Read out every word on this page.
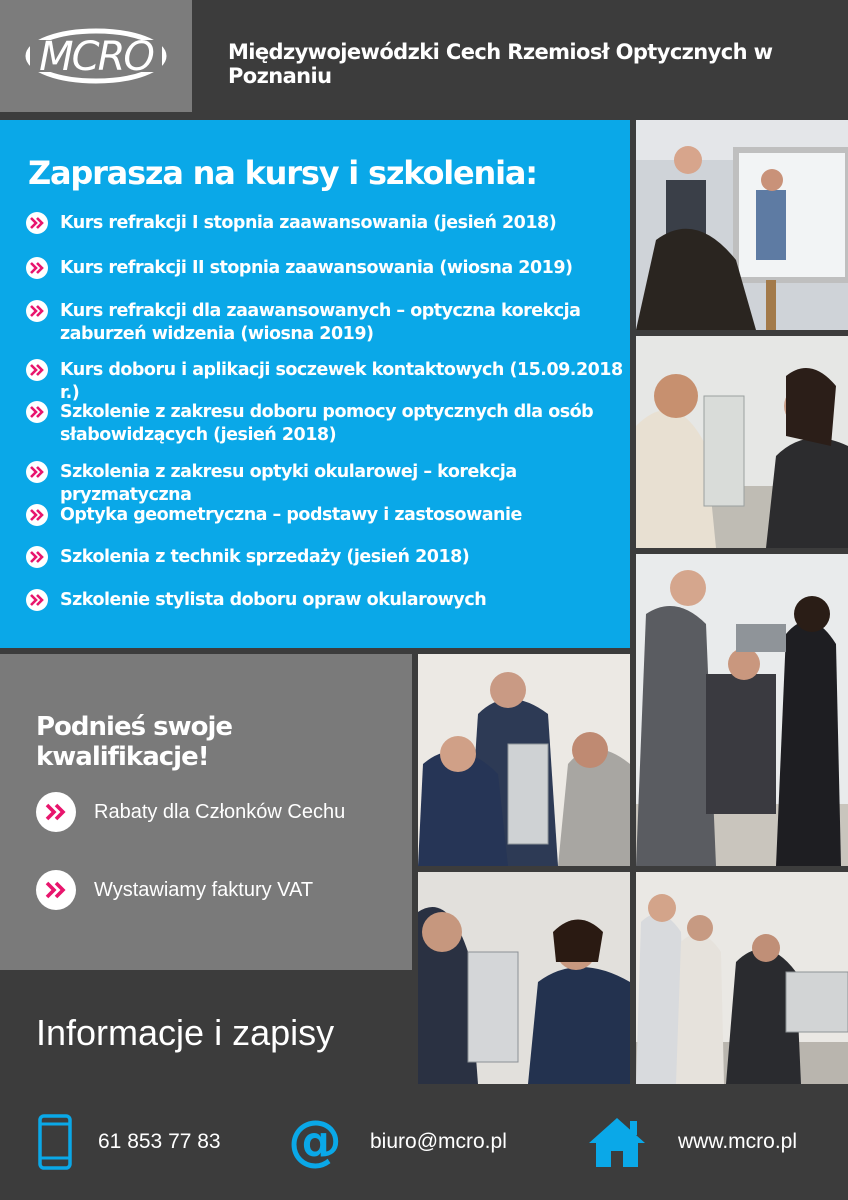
MCRO	Międzywojewódzki Cech Rzemiosł Optycznych w Poznaniu
Zaprasza na kursy i szkolenia:
Kurs refrakcji I stopnia zaawansowania (jesień 2018)
Kurs refrakcji II stopnia zaawansowania (wiosna 2019)
Kurs refrakcji dla zaawansowanych – optyczna korekcja zaburzeń widzenia (wiosna 2019)
Kurs doboru i aplikacji soczewek kontaktowych (15.09.2018 r.)
Szkolenie z zakresu doboru pomocy optycznych dla osób słabowidzących (jesień 2018)
Szkolenia z zakresu optyki okularowej – korekcja pryzmatyczna
Optyka geometryczna – podstawy i zastosowanie
Szkolenia z technik sprzedaży (jesień 2018)
Szkolenie stylista doboru opraw okularowych
Podnieś swoje kwalifikacje!
Rabaty dla Członków Cechu
Wystawiamy faktury VAT
Informacje i zapisy
61 853 77 83 @ biuro@mcro.pl	www.mcro.pl
